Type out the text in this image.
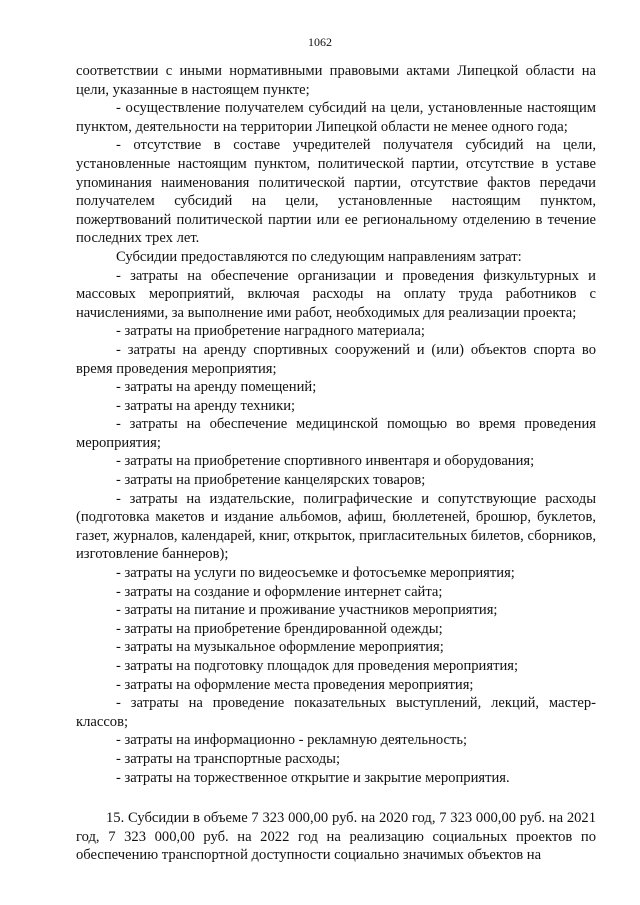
1062

соответствии с иными нормативными правовыми актами Липецкой области на цели, указанные в настоящем пункте;

- осуществление получателем субсидий на цели, установленные настоящим пунктом, деятельности на территории Липецкой области не менее одного года;

- отсутствие в составе учредителей получателя субсидий на цели, установленные настоящим пунктом, политической партии, отсутствие в уставе упоминания наименования политической партии, отсутствие фактов передачи получателем субсидий на цели, установленные настоящим пунктом, пожертвований политической партии или ее региональному отделению в течение последних трех лет.

Субсидии предоставляются по следующим направлениям затрат:

- затраты на обеспечение организации и проведения физкультурных и массовых мероприятий, включая расходы на оплату труда работников с начислениями, за выполнение ими работ, необходимых для реализации проекта;

- затраты на приобретение наградного материала;

- затраты на аренду спортивных сооружений и (или) объектов спорта во время проведения мероприятия;

- затраты на аренду помещений;

- затраты на аренду техники;

- затраты на обеспечение медицинской помощью во время проведения мероприятия;

- затраты на приобретение спортивного инвентаря и оборудования;

- затраты на приобретение канцелярских товаров;

- затраты на издательские, полиграфические и сопутствующие расходы (подготовка макетов и издание альбомов, афиш, бюллетеней, брошюр, буклетов, газет, журналов, календарей, книг, открыток, пригласительных билетов, сборников, изготовление баннеров);

- затраты на услуги по видеосъемке и фотосъемке мероприятия;

- затраты на создание и оформление интернет сайта;

- затраты на питание и проживание участников мероприятия;

- затраты на приобретение брендированной одежды;

- затраты на музыкальное оформление мероприятия;

- затраты на подготовку площадок для проведения мероприятия;

- затраты на оформление места проведения мероприятия;

- затраты на проведение показательных выступлений, лекций, мастер-классов;

- затраты на информационно - рекламную деятельность;

- затраты на транспортные расходы;

- затраты на торжественное открытие и закрытие мероприятия.

15. Субсидии в объеме 7 323 000,00 руб. на 2020 год, 7 323 000,00 руб. на 2021 год, 7 323 000,00 руб. на 2022 год на реализацию социальных проектов по обеспечению транспортной доступности социально значимых объектов на
